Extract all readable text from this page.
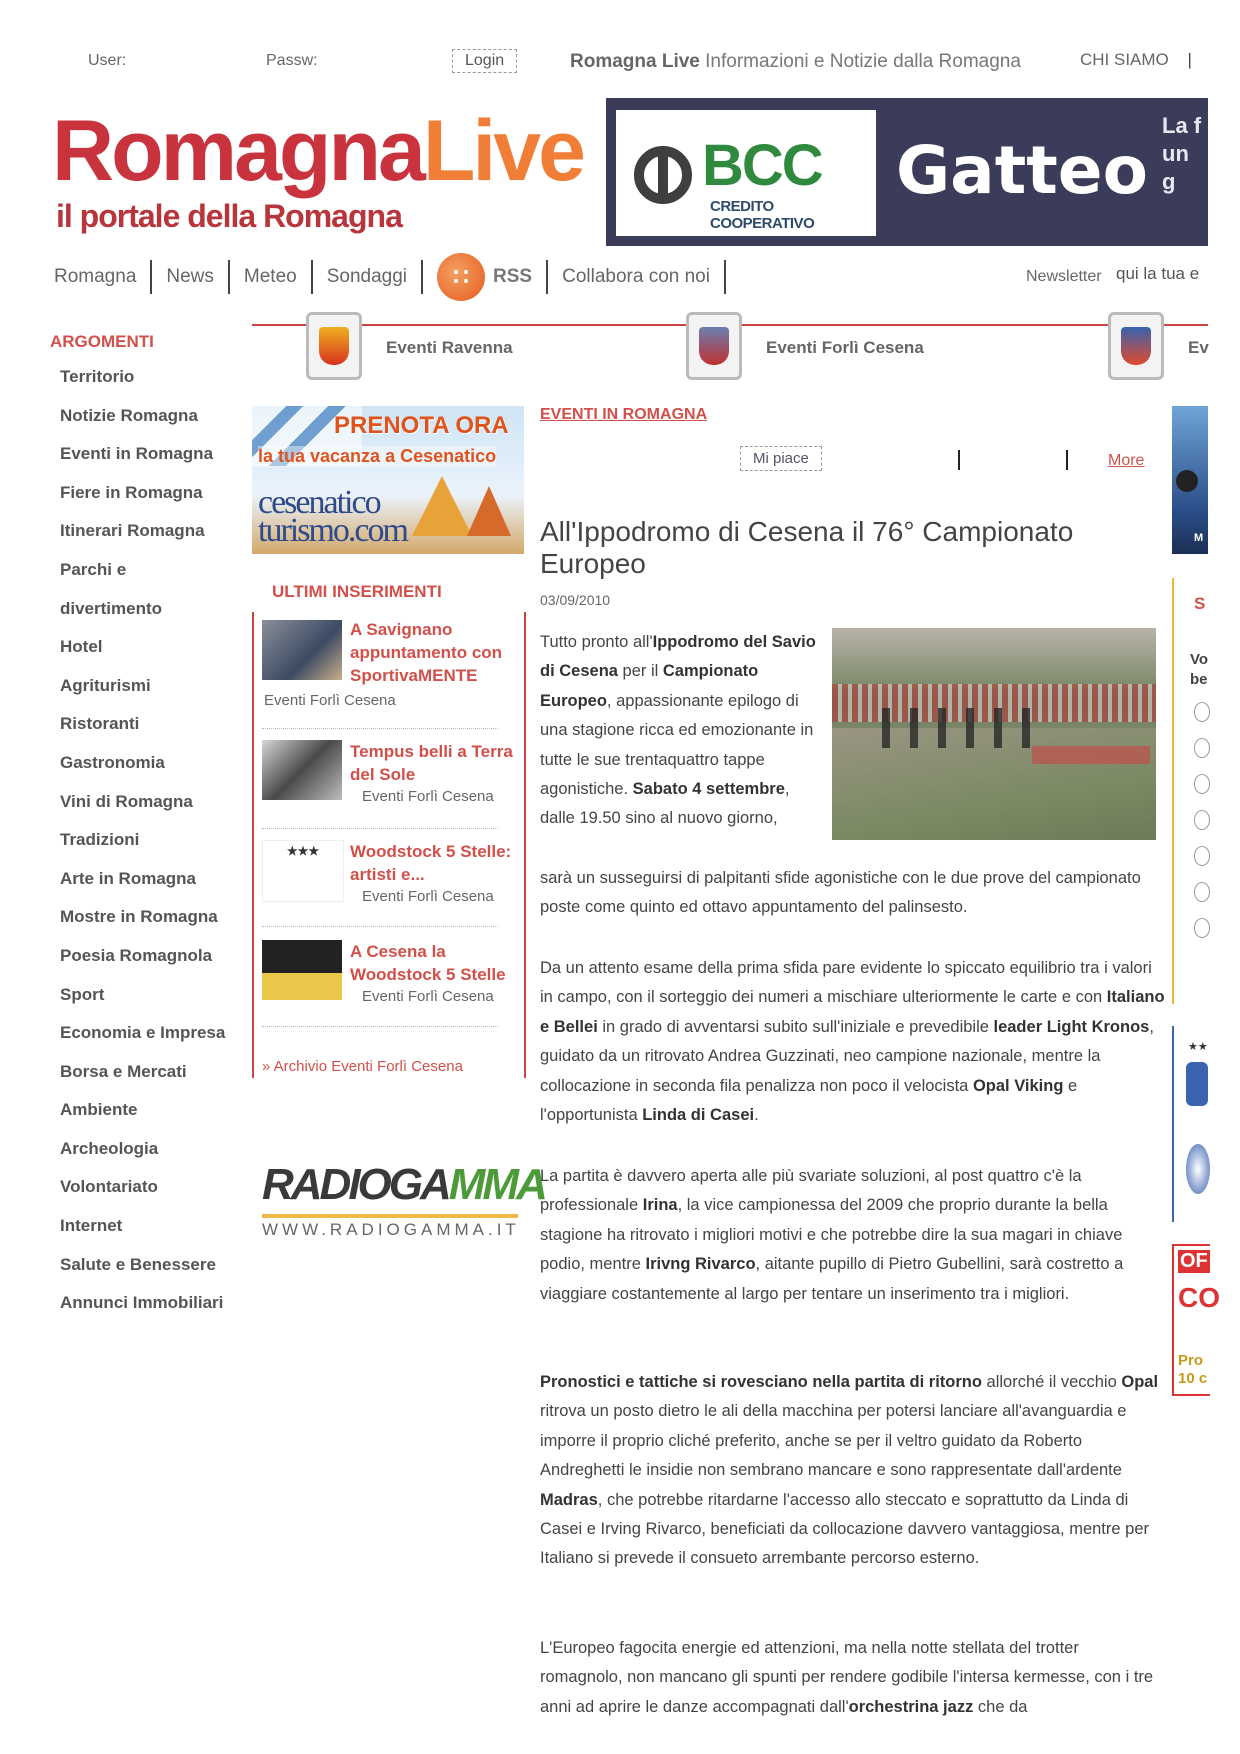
User:	Passw:	Login	Romagna Live Informazioni e Notizie dalla Romagna	CHI SIAMO |
RomagnaLive
il portale della Romagna
BCC
CREDITO COOPERATIVO
Gatteo
La f
un g
Romagna News Meteo Sondaggi	∷	RSS Collabora con noi	Newsletter qui la tua e
ARGOMENTI
Territorio
Notizie Romagna
Eventi in Romagna
Fiere in Romagna
Itinerari Romagna
Parchi e
divertimento
Hotel
Agriturismi
Ristoranti
Gastronomia
Vini di Romagna
Tradizioni
Arte in Romagna
Mostre in Romagna
Poesia Romagnola
Sport
Economia e Impresa
Borsa e Mercati
Ambiente
Archeologia
Volontariato
Internet
Salute e Benessere
Annunci Immobiliari
Eventi Ravenna	Eventi Forlì Cesena	Ev
PRENOTA ORA
la tua vacanza a Cesenatico
cesenatico
turismo.com
ULTIMI INSERIMENTI
A Savignano appuntamento con SportivaMENTE
Eventi Forlì Cesena
Tempus belli a Terra del Sole
Eventi Forlì Cesena
★★★	Woodstock 5 Stelle: artisti e...
Eventi Forlì Cesena
A Cesena la Woodstock 5 Stelle
Eventi Forlì Cesena
» Archivio Eventi Forlì Cesena
RADIOGAMMA
WWW.RADIOGAMMA.IT
EVENTI IN ROMAGNA
Mi piace	More
All'Ippodromo di Cesena il 76° Campionato Europeo
03/09/2010
Tutto pronto all'Ippodromo del Savio di Cesena per il Campionato Europeo, appassionante epilogo di una stagione ricca ed emozionante in tutte le sue trentaquattro tappe agonistiche. Sabato 4 settembre, dalle 19.50 sino al nuovo giorno,
sarà un susseguirsi di palpitanti sfide agonistiche con le due prove del campionato poste come quinto ed ottavo appuntamento del palinsesto.
Da un attento esame della prima sfida pare evidente lo spiccato equilibrio tra i valori in campo, con il sorteggio dei numeri a mischiare ulteriormente le carte e con Italiano e Bellei in grado di avventarsi subito sull'iniziale e prevedibile leader Light Kronos, guidato da un ritrovato Andrea Guzzinati, neo campione nazionale, mentre la collocazione in seconda fila penalizza non poco il velocista Opal Viking e l'opportunista Linda di Casei.
La partita è davvero aperta alle più svariate soluzioni, al post quattro c'è la professionale Irina, la vice campionessa del 2009 che proprio durante la bella stagione ha ritrovato i migliori motivi e che potrebbe dire la sua magari in chiave podio, mentre Irivng Rivarco, aitante pupillo di Pietro Gubellini, sarà costretto a viaggiare costantemente al largo per tentare un inserimento tra i migliori.
Pronostici e tattiche si rovesciano nella partita di ritorno allorché il vecchio Opal ritrova un posto dietro le ali della macchina per potersi lanciare all'avanguardia e imporre il proprio cliché preferito, anche se per il veltro guidato da Roberto Andreghetti le insidie non sembrano mancare e sono rappresentate dall'ardente Madras, che potrebbe ritardarne l'accesso allo steccato e soprattutto da Linda di Casei e Irving Rivarco, beneficiati da collocazione davvero vantaggiosa, mentre per Italiano si prevede il consueto arrembante percorso esterno.
L'Europeo fagocita energie ed attenzioni, ma nella notte stellata del trotter romagnolo, non mancano gli spunti per rendere godibile l'intersa kermesse, con i tre anni ad aprire le danze accompagnati dall'orchestrina jazz che da
M
S
Vo
be
★★
OF
CO
Pro
10 c
